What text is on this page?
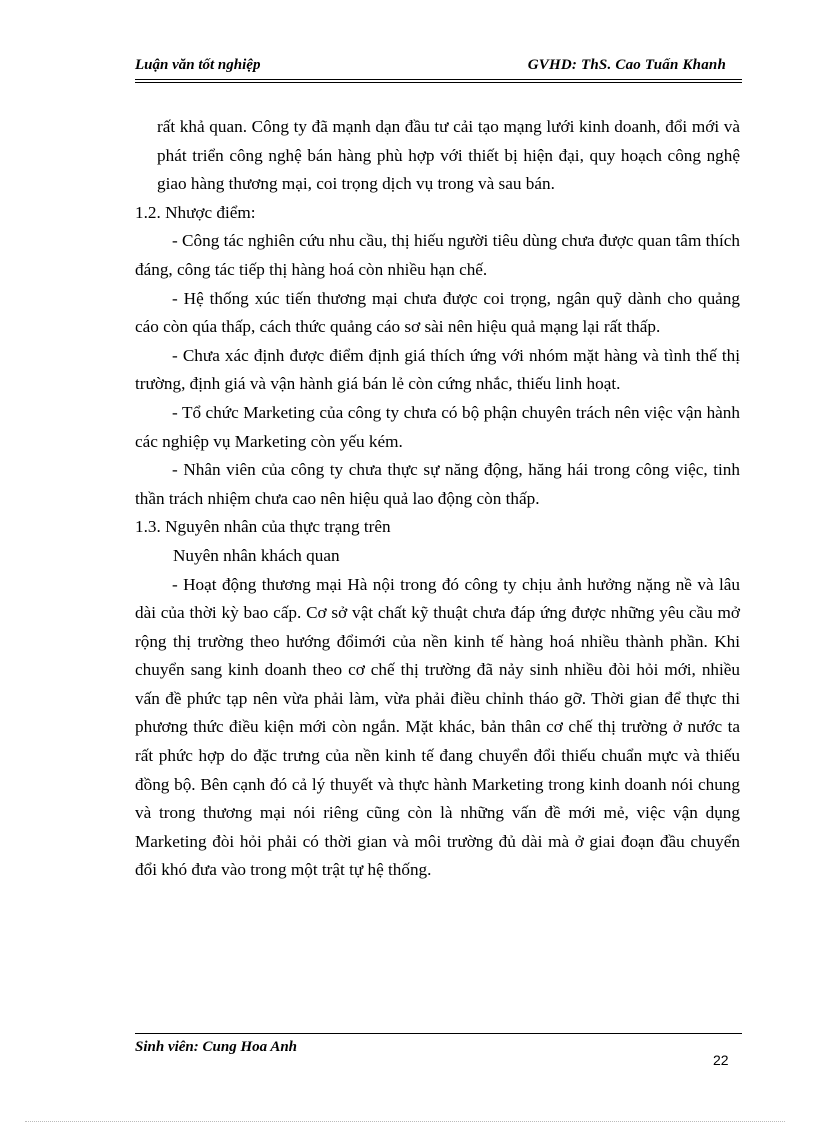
Luận văn tốt nghiệp	GVHD: ThS. Cao Tuấn Khanh

rất khả quan. Công ty đã mạnh dạn đầu tư cải tạo mạng lưới kinh doanh, đổi mới và phát triển công nghệ bán hàng phù hợp với thiết bị hiện đại, quy hoạch công nghệ giao hàng thương mại, coi trọng dịch vụ trong và sau bán.

1.2. Nhược điểm:

- Công tác nghiên cứu nhu cầu, thị hiếu người tiêu dùng chưa được quan tâm thích đáng, công tác tiếp thị hàng hoá còn nhiều hạn chế.

- Hệ thống xúc tiến thương mại chưa được coi trọng, ngân quỹ dành cho quảng cáo còn qúa thấp, cách thức quảng cáo sơ sài nên hiệu quả mạng lại rất thấp.

- Chưa xác định được điểm định giá thích ứng với nhóm mặt hàng và tình thế thị trường, định giá và vận hành giá bán lẻ còn cứng nhắc, thiếu linh hoạt.

- Tổ chức Marketing của công ty chưa có bộ phận chuyên trách nên việc vận hành các nghiệp vụ Marketing còn yếu kém.

- Nhân viên của công ty chưa thực sự năng động, hăng hái trong công việc, tinh thần trách nhiệm chưa cao nên hiệu quả lao động còn thấp.

1.3. Nguyên nhân của thực trạng trên

Nuyên nhân khách quan

- Hoạt động thương mại Hà nội trong đó công ty chịu ảnh hưởng nặng nề và lâu dài của thời kỳ bao cấp. Cơ sở vật chất kỹ thuật chưa đáp ứng được những yêu cầu mở rộng thị trường theo hướng đổimới của nền kinh tế hàng hoá nhiều thành phần. Khi chuyển sang kinh doanh theo cơ chế thị trường đã nảy sinh nhiều đòi hỏi mới, nhiều vấn đề phức tạp nên vừa phải làm, vừa phải điều chỉnh tháo gỡ. Thời gian để thực thi phương thức điều kiện mới còn ngắn. Mặt khác, bản thân cơ chế thị trường ở nước ta rất phức hợp do đặc trưng của nền kinh tế đang chuyển đổi thiếu chuẩn mực và thiếu đồng bộ. Bên cạnh đó cả lý thuyết và thực hành Marketing trong kinh doanh nói chung và trong thương mại nói riêng cũng còn là những vấn đề mới mẻ, việc vận dụng Marketing đòi hỏi phải có thời gian và môi trường đủ dài mà ở giai đoạn đầu chuyển đổi khó đưa vào trong một trật tự hệ thống.

Sinh viên: Cung Hoa Anh
22
